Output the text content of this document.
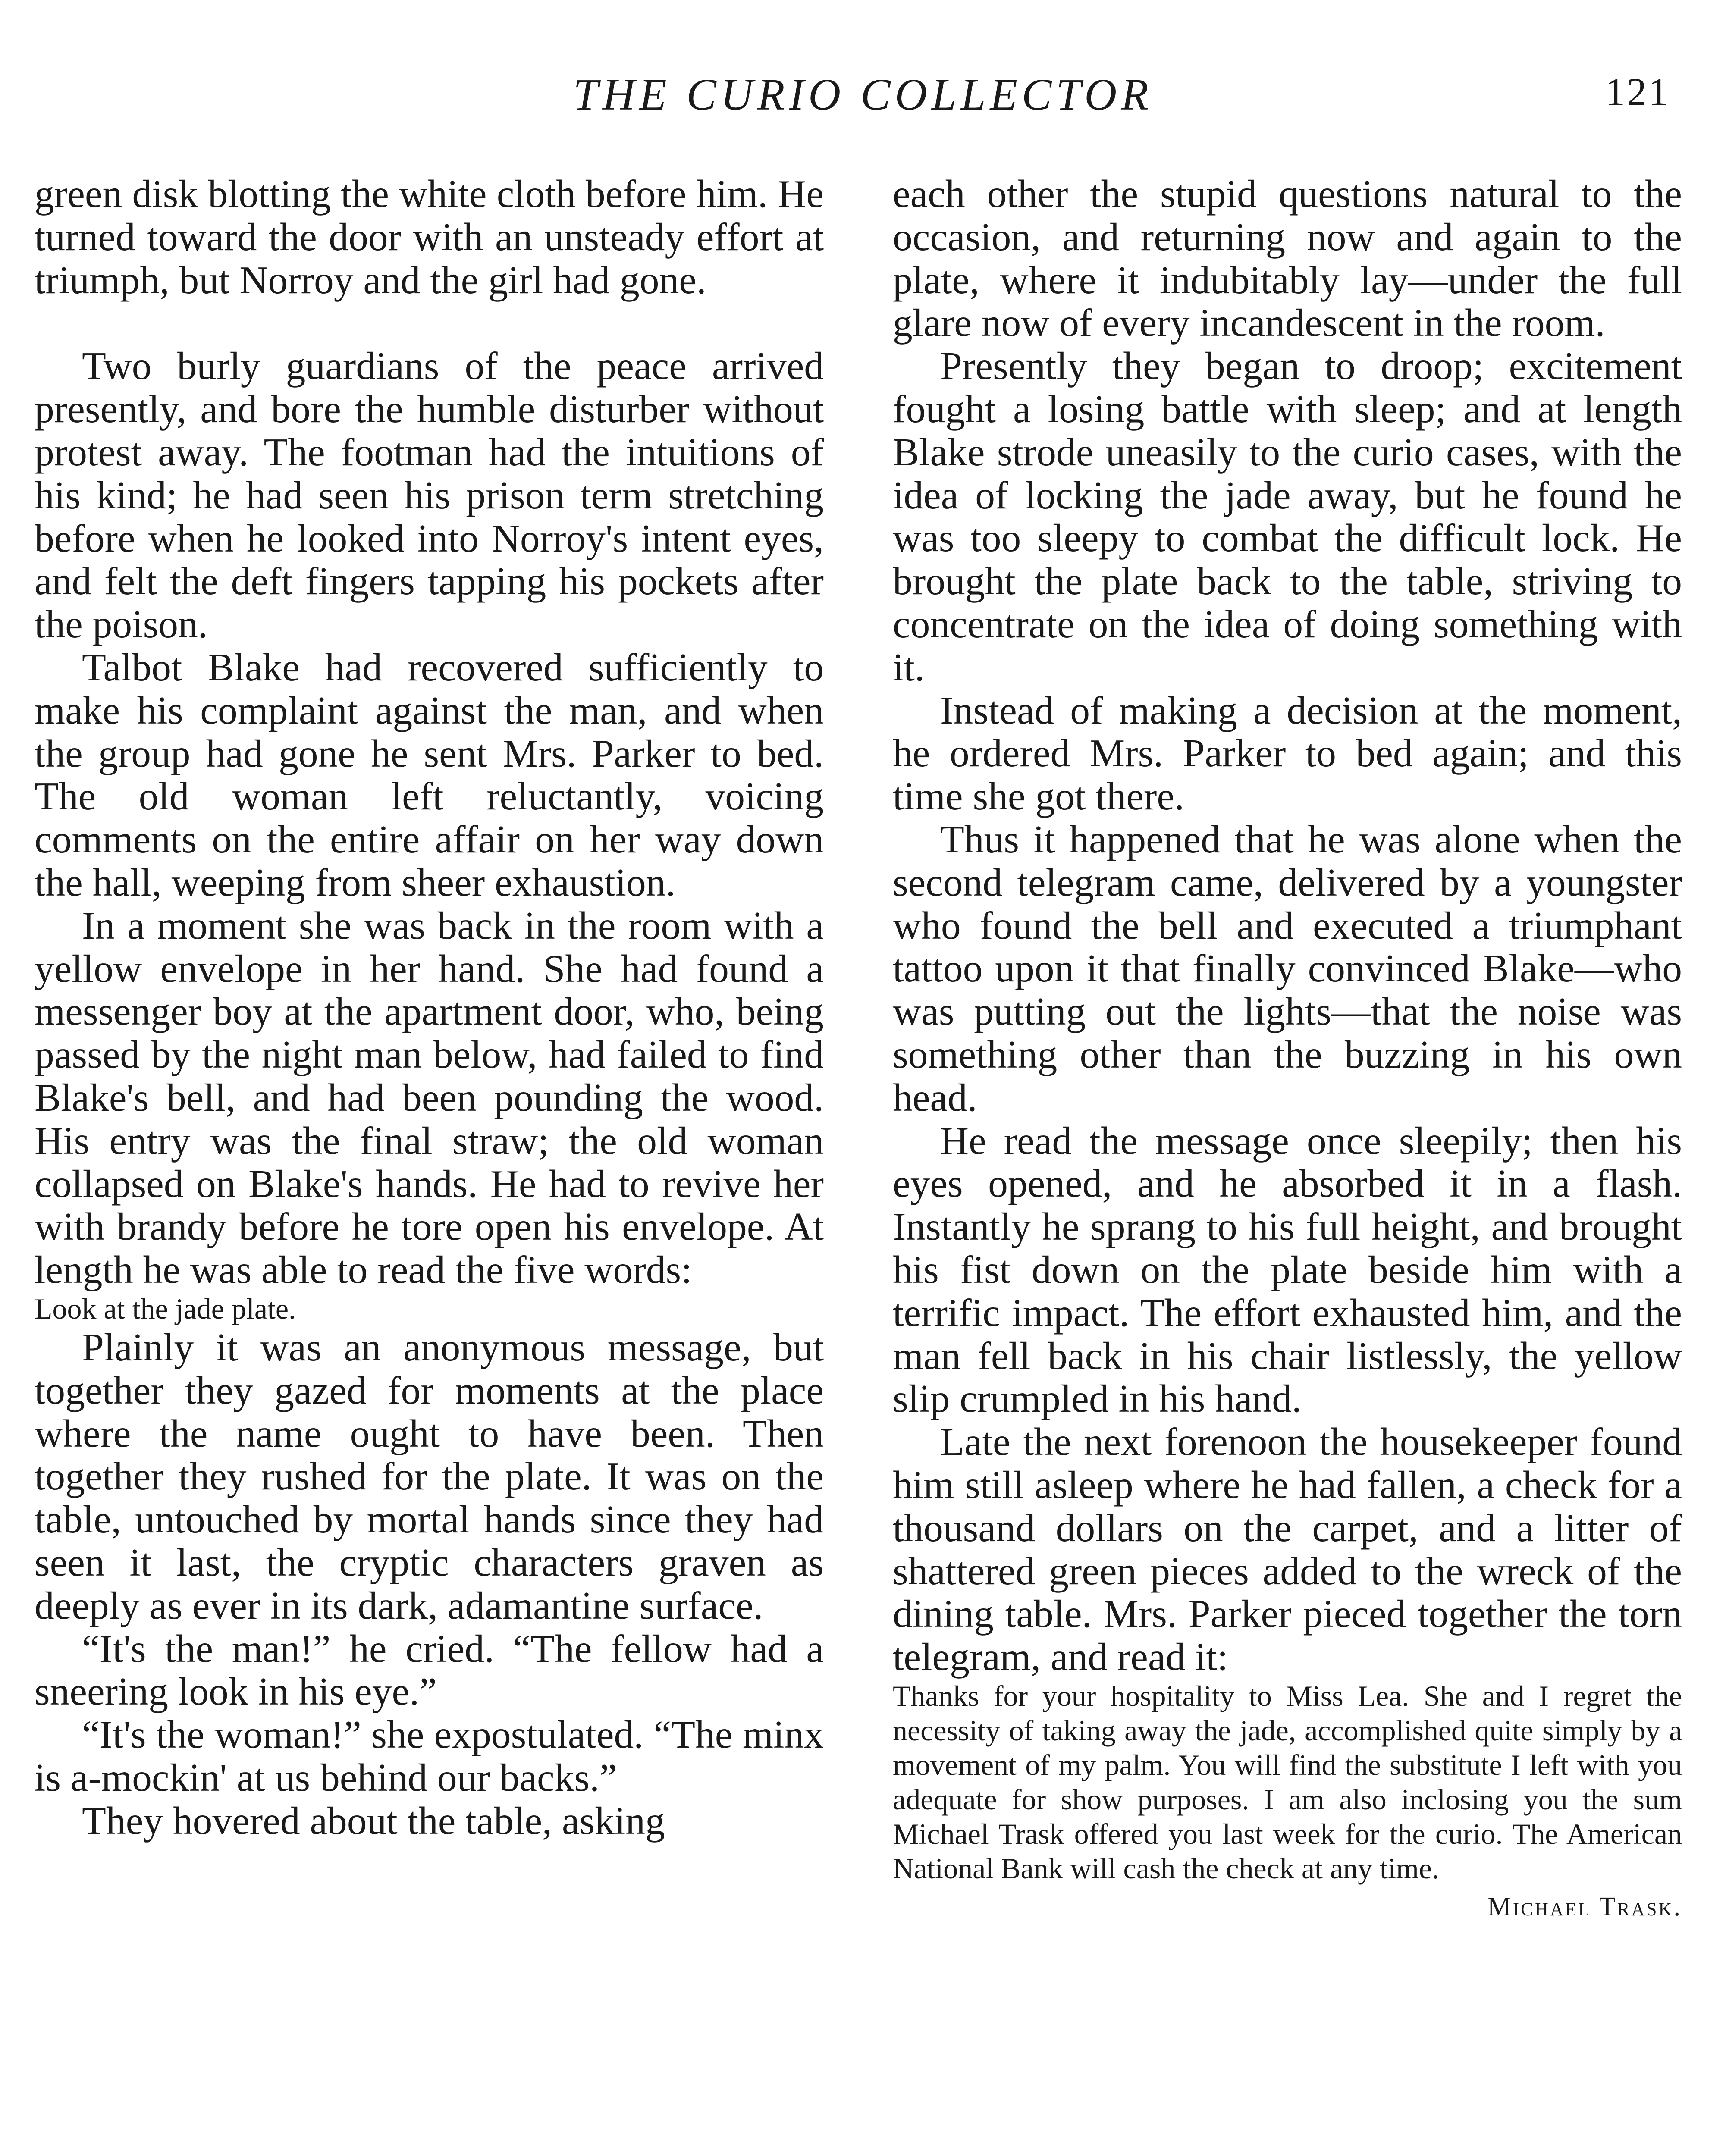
THE CURIO COLLECTOR	121

green disk blotting the white cloth before him. He turned toward the door with an unsteady effort at triumph, but Norroy and the girl had gone.

Two burly guardians of the peace arrived presently, and bore the humble disturber without protest away. The footman had the intuitions of his kind; he had seen his prison term stretching before when he looked into Norroy's intent eyes, and felt the deft fingers tapping his pockets after the poison.

Talbot Blake had recovered sufficiently to make his complaint against the man, and when the group had gone he sent Mrs. Parker to bed. The old woman left reluctantly, voicing comments on the entire affair on her way down the hall, weeping from sheer exhaustion.

In a moment she was back in the room with a yellow envelope in her hand. She had found a messenger boy at the apartment door, who, being passed by the night man below, had failed to find Blake's bell, and had been pounding the wood. His entry was the final straw; the old woman collapsed on Blake's hands. He had to revive her with brandy before he tore open his envelope. At length he was able to read the five words:

Look at the jade plate.

Plainly it was an anonymous message, but together they gazed for moments at the place where the name ought to have been. Then together they rushed for the plate. It was on the table, untouched by mortal hands since they had seen it last, the cryptic characters graven as deeply as ever in its dark, adamantine surface.

“It's the man!” he cried. “The fellow had a sneering look in his eye.”

“It's the woman!” she expostulated. “The minx is a-mockin' at us behind our backs.”

They hovered about the table, asking

each other the stupid questions natural to the occasion, and returning now and again to the plate, where it indubitably lay—under the full glare now of every incandescent in the room.

Presently they began to droop; excitement fought a losing battle with sleep; and at length Blake strode uneasily to the curio cases, with the idea of locking the jade away, but he found he was too sleepy to combat the difficult lock. He brought the plate back to the table, striving to concentrate on the idea of doing something with it.

Instead of making a decision at the moment, he ordered Mrs. Parker to bed again; and this time she got there.

Thus it happened that he was alone when the second telegram came, delivered by a youngster who found the bell and executed a triumphant tattoo upon it that finally convinced Blake—who was putting out the lights—that the noise was something other than the buzzing in his own head.

He read the message once sleepily; then his eyes opened, and he absorbed it in a flash. Instantly he sprang to his full height, and brought his fist down on the plate beside him with a terrific impact. The effort exhausted him, and the man fell back in his chair listlessly, the yellow slip crumpled in his hand.

Late the next forenoon the housekeeper found him still asleep where he had fallen, a check for a thousand dollars on the carpet, and a litter of shattered green pieces added to the wreck of the dining table. Mrs. Parker pieced together the torn telegram, and read it:

Thanks for your hospitality to Miss Lea. She and I regret the necessity of taking away the jade, accomplished quite simply by a movement of my palm. You will find the substitute I left with you adequate for show purposes. I am also inclosing you the sum Michael Trask offered you last week for the curio. The American National Bank will cash the check at any time.

Michael Trask.
